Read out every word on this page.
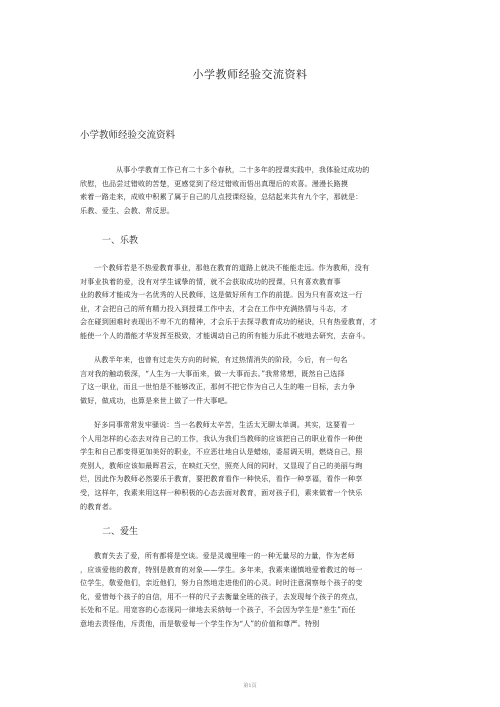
小学教师经验交流资料
小学教师经验交流资料
从事小学教育工作已有二十多个春秋，二十多年的授课实践中，我体验过成功的
欣慰，也品尝过错败的苦楚，更感觉到了经过错败而悟出真理后的欢喜。漫漫长路摸
索着一路走来，成败中积累了属于自己的几点授课经验，总结起来共有九个字，那就是：
乐教、爱生、会教、常反思。
一、乐教
一个教师若是不热爱教育事业，那他在教育的道路上就决不能能走远。作为教师，没有
对事业执着的爱，没有对学生诚挚的情，就不会获取成功的授课，只有喜欢教育事
业的教师才能成为一名优秀的人民教师，这是做好所有工作的前提。因为只有喜欢这一行
业，才会把自己的所有精力投入到授课工作中去，才会在工作中充满热情与斗志，才
会在碰到困难时表现出不卑不亢的精神，才会乐于去探寻教育成功的秘诀，只有热爱教育，才
能使一个人的潜能才华发挥至极致，才能调动自己的所有能力乐此不疲地去研究，去奋斗。
从教半年来，也曾有过走失方向的时候，有过热情消失的阶段，今后，有一句名
言对我的触动极深，“人生为一大事而来，做一大事而去。”我常常想，既然自己选择
了这一职业，而且一世怕是不能够改正，那何不把它作为自己人生的唯一目标，去力争
做好，做成功，也算是来世上做了一件大事吧。
好多同事常常发牢骚说：当一名教师太辛苦，生活太无聊太单调。其实，这要看一
个人用怎样的心态去对待自己的工作，我认为我们当教师的应该把自己的职业看作一种使
学生和自己都变得更加美好的职业，不应恶壮地自认是蜡烛，委屈调天明，燃烧自己，照
亮别人，教师应该如最晖君云，在映红天空，照亮人间的同时，又显现了自己的美丽与绚
烂，因此作为教师必然要乐于教育，要把教育看作一种快乐，看作一种享福，看作一种享
受，这样年，我素来用这样一种积极的心态去面对教育，面对孩子们，素来做着一个快乐
的教育者。
二、爱生
教育失去了爱，所有都将是空谈。爱是灵魂里唯一的一种无量尽的力量，作为老师
，应该爱他的教育，特别是教育的对象——学生。多年来，我素来谨慎地爱着教过的每一
位学生，敬爱他们，亲近他们，努力自然地走进他们的心灵。时时注意洞察每个孩子的变
化，爱惜每个孩子的自信，用不一样的尺子去衡量全班的孩子，去发现每个孩子的亮点，
长处和不足。用宽容的心态视同一律地去采纳每一个孩子，不会因为学生是“差生”而任
意地去责怪他，斥责他，而是敬爱每一个学生作为“人”的价值和尊严。特别
第1页
